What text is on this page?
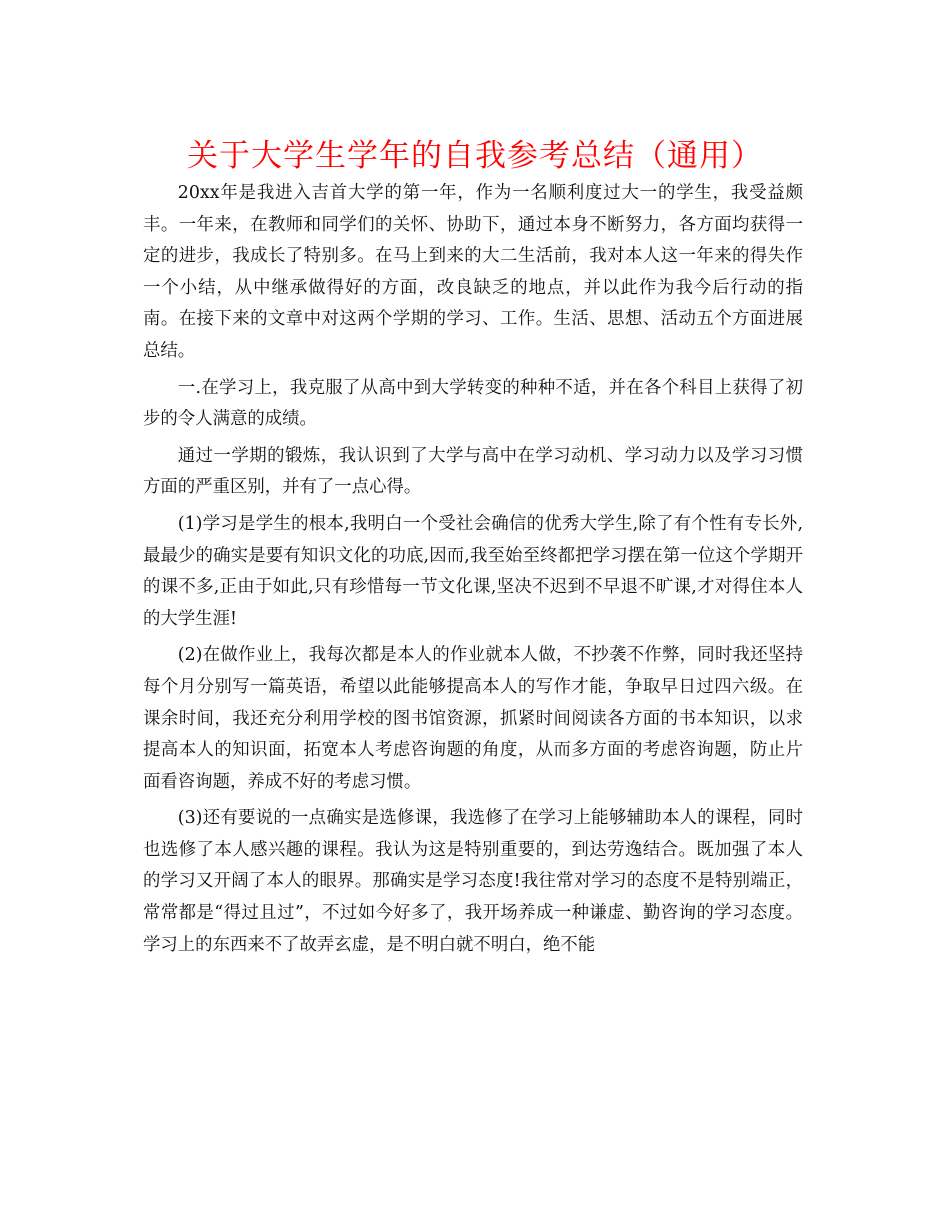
关于大学生学年的自我参考总结（通用）

20xx年是我进入吉首大学的第一年，作为一名顺利度过大一的学生，我受益颇丰。一年来，在教师和同学们的关怀、协助下，通过本身不断努力，各方面均获得一定的进步，我成长了特别多。在马上到来的大二生活前，我对本人这一年来的得失作一个小结，从中继承做得好的方面，改良缺乏的地点，并以此作为我今后行动的指南。在接下来的文章中对这两个学期的学习、工作。生活、思想、活动五个方面进展总结。

一.在学习上，我克服了从高中到大学转变的种种不适，并在各个科目上获得了初步的令人满意的成绩。

通过一学期的锻炼，我认识到了大学与高中在学习动机、学习动力以及学习习惯方面的严重区别，并有了一点心得。

(1)学习是学生的根本,我明白一个受社会确信的优秀大学生,除了有个性有专长外,最最少的确实是要有知识文化的功底,因而,我至始至终都把学习摆在第一位这个学期开的课不多,正由于如此,只有珍惜每一节文化课,坚决不迟到不早退不旷课,才对得住本人的大学生涯!

(2)在做作业上，我每次都是本人的作业就本人做，不抄袭不作弊，同时我还坚持每个月分别写一篇英语，希望以此能够提高本人的写作才能，争取早日过四六级。在课余时间，我还充分利用学校的图书馆资源，抓紧时间阅读各方面的书本知识，以求提高本人的知识面，拓宽本人考虑咨询题的角度，从而多方面的考虑咨询题，防止片面看咨询题，养成不好的考虑习惯。

(3)还有要说的一点确实是选修课，我选修了在学习上能够辅助本人的课程，同时也选修了本人感兴趣的课程。我认为这是特别重要的，到达劳逸结合。既加强了本人的学习又开阔了本人的眼界。那确实是学习态度!我往常对学习的态度不是特别端正，常常都是“得过且过”，不过如今好多了，我开场养成一种谦虚、勤咨询的学习态度。学习上的东西来不了故弄玄虚，是不明白就不明白，绝不能
